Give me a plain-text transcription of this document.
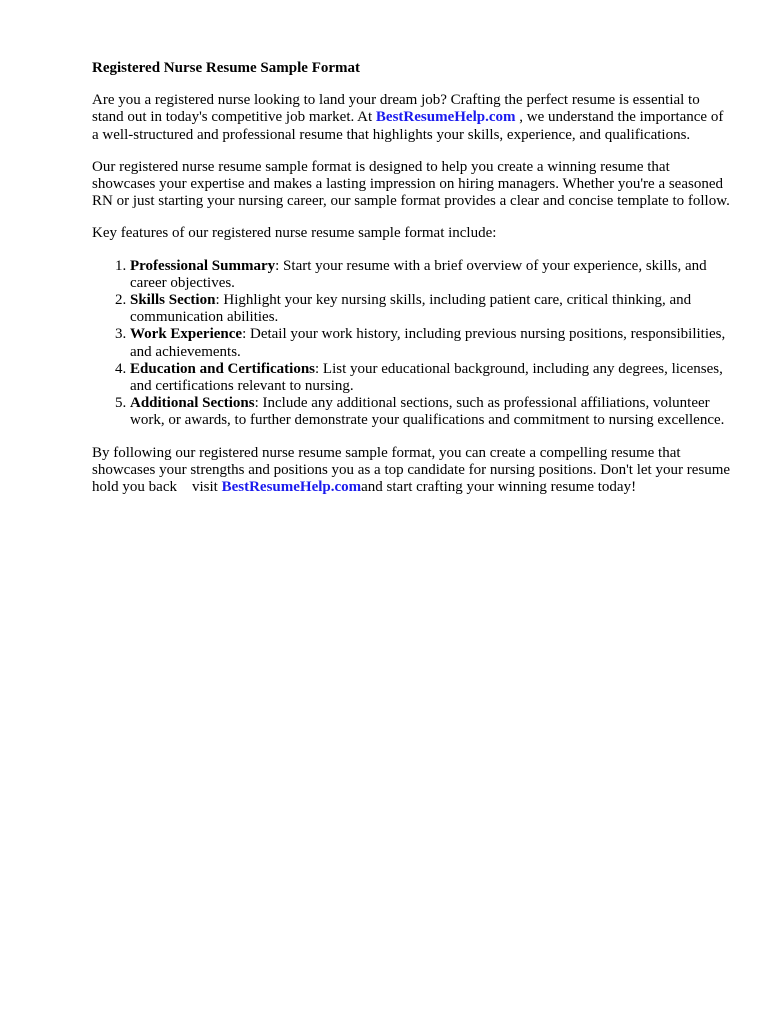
Registered Nurse Resume Sample Format

Are you a registered nurse looking to land your dream job? Crafting the perfect resume is essential to stand out in today's competitive job market. At BestResumeHelp.com , we understand the importance of a well-structured and professional resume that highlights your skills, experience, and qualifications.

Our registered nurse resume sample format is designed to help you create a winning resume that showcases your expertise and makes a lasting impression on hiring managers. Whether you're a seasoned RN or just starting your nursing career, our sample format provides a clear and concise template to follow.

Key features of our registered nurse resume sample format include:

1. Professional Summary: Start your resume with a brief overview of your experience, skills, and career objectives.
2. Skills Section: Highlight your key nursing skills, including patient care, critical thinking, and communication abilities.
3. Work Experience: Detail your work history, including previous nursing positions, responsibilities, and achievements.
4. Education and Certifications: List your educational background, including any degrees, licenses, and certifications relevant to nursing.
5. Additional Sections: Include any additional sections, such as professional affiliations, volunteer work, or awards, to further demonstrate your qualifications and commitment to nursing excellence.

By following our registered nurse resume sample format, you can create a compelling resume that showcases your strengths and positions you as a top candidate for nursing positions. Don't let your resume hold you back    visit BestResumeHelp.comand start crafting your winning resume today!
